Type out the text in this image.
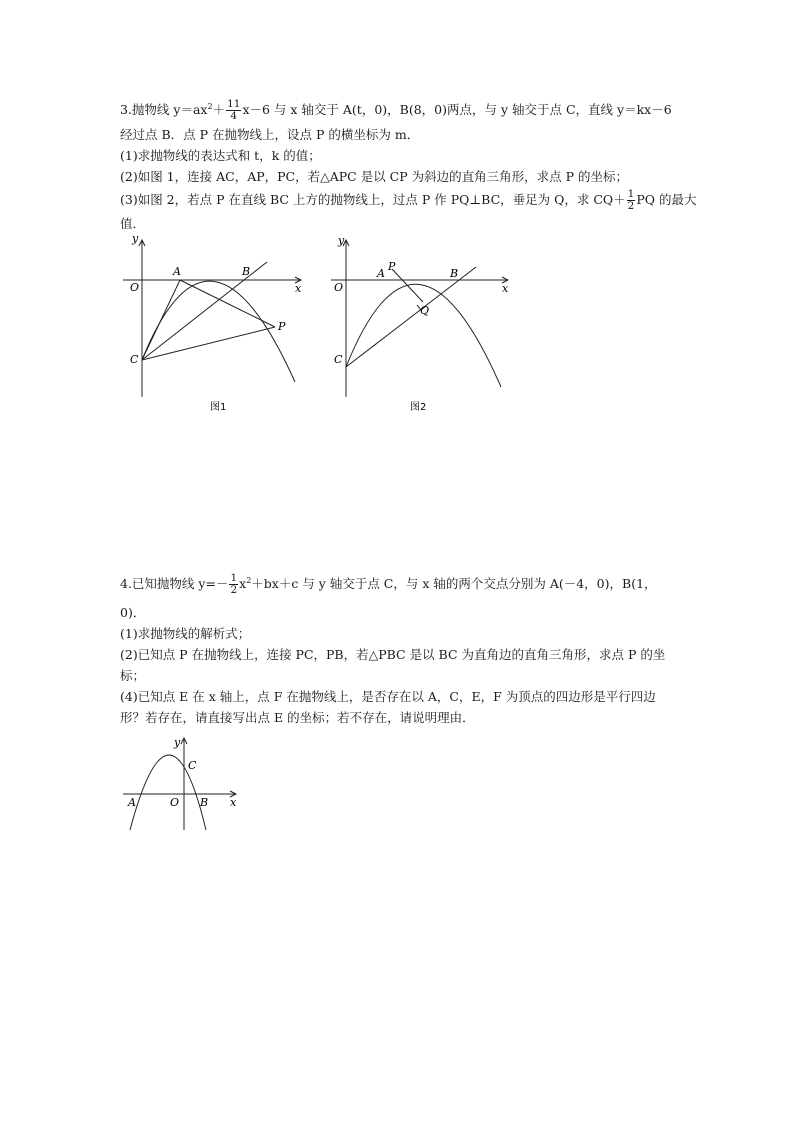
3.抛物线 $y=ax^2+ \frac{11}{4} x-6$ 与 x 轴交于 A(t，0)，B(8，0)两点，与 y 轴交于点 C，直线 y＝kx－6

经过点 B．点 P 在抛物线上，设点 P 的横坐标为 m．

(1)求抛物线的表达式和 t，k 的值；

(2)如图 1，连接 AC，AP，PC，若△APC 是以 CP 为斜边的直角三角形，求点 P 的坐标；

(3)如图 2，若点 P 在直线 BC 上方的抛物线上，过点 P 作 PQ⊥BC，垂足为 Q，求 $CQ+ \frac{1}{2}$ PQ 的最大

值．

y
x
O
A	B
C
P
图1
y
x
O
A
P
B
Q
C
图2

4.已知抛物线 $y=- \frac{1}{2} x^2+bx+c$ 与 y 轴交于点 C，与 x 轴的两个交点分别为 A(－4，0)，B(1，

0)．

(1)求抛物线的解析式；

(2)已知点 P 在抛物线上，连接 PC，PB，若△PBC 是以 BC 为直角边的直角三角形，求点 P 的坐

标；

(4)已知点 E 在 x 轴上，点 F 在抛物线上，是否存在以 A，C，E，F 为顶点的四边形是平行四边

形？若存在，请直接写出点 E 的坐标；若不存在，请说明理由．

y
x
C
A	O B
